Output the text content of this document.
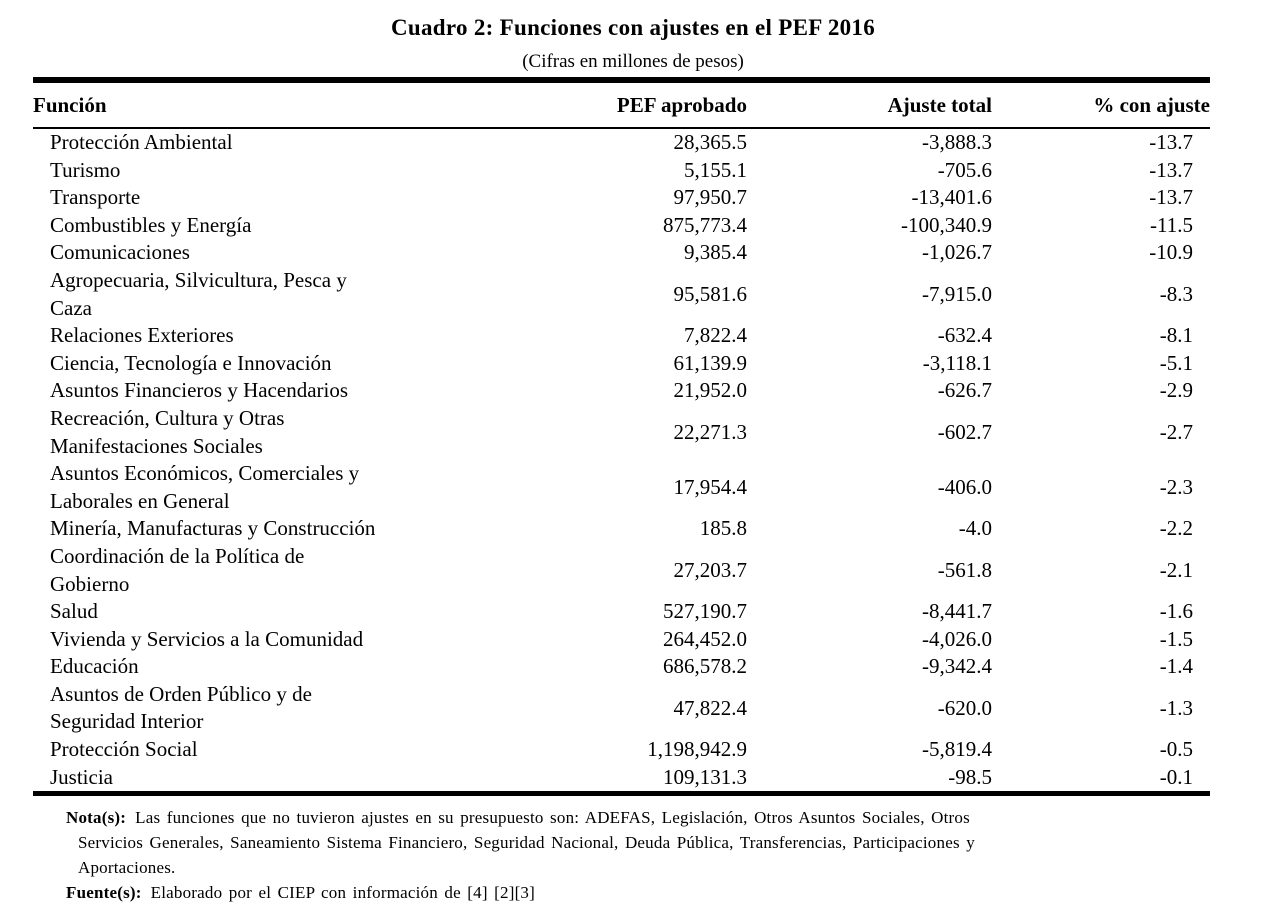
Cuadro 2: Funciones con ajustes en el PEF 2016
(Cifras en millones de pesos)
Función	PEF aprobado	Ajuste total	% con ajuste

Protección Ambiental	28,365.5	-3,888.3	-13.7

Turismo	5,155.1	-705.6	-13.7

Transporte	97,950.7	-13,401.6	-13.7

Combustibles y Energía	875,773.4	-100,340.9	-11.5

Comunicaciones	9,385.4	-1,026.7	-10.9

Agropecuaria, Silvicultura, Pesca y
Caza	95,581.6	-7,915.0	-8.3

Relaciones Exteriores	7,822.4	-632.4	-8.1

Ciencia, Tecnología e Innovación	61,139.9	-3,118.1	-5.1

Asuntos Financieros y Hacendarios	21,952.0	-626.7	-2.9

Recreación, Cultura y Otras
Manifestaciones Sociales	22,271.3	-602.7	-2.7

Asuntos Económicos, Comerciales y
Laborales en General	17,954.4	-406.0	-2.3

Minería, Manufacturas y Construcción	185.8	-4.0	-2.2

Coordinación de la Política de
Gobierno	27,203.7	-561.8	-2.1

Salud	527,190.7	-8,441.7	-1.6

Vivienda y Servicios a la Comunidad	264,452.0	-4,026.0	-1.5

Educación	686,578.2	-9,342.4	-1.4

Asuntos de Orden Público y de
Seguridad Interior	47,822.4	-620.0	-1.3

Protección Social	1,198,942.9	-5,819.4	-0.5

Justicia	109,131.3	-98.5	-0.1
Nota(s): Las funciones que no tuvieron ajustes en su presupuesto son: ADEFAS, Legislación, Otros Asuntos Sociales, Otros
Servicios Generales, Saneamiento Sistema Financiero, Seguridad Nacional, Deuda Pública, Transferencias, Participaciones y
Aportaciones.
Fuente(s): Elaborado por el CIEP con información de [4] [2][3]
